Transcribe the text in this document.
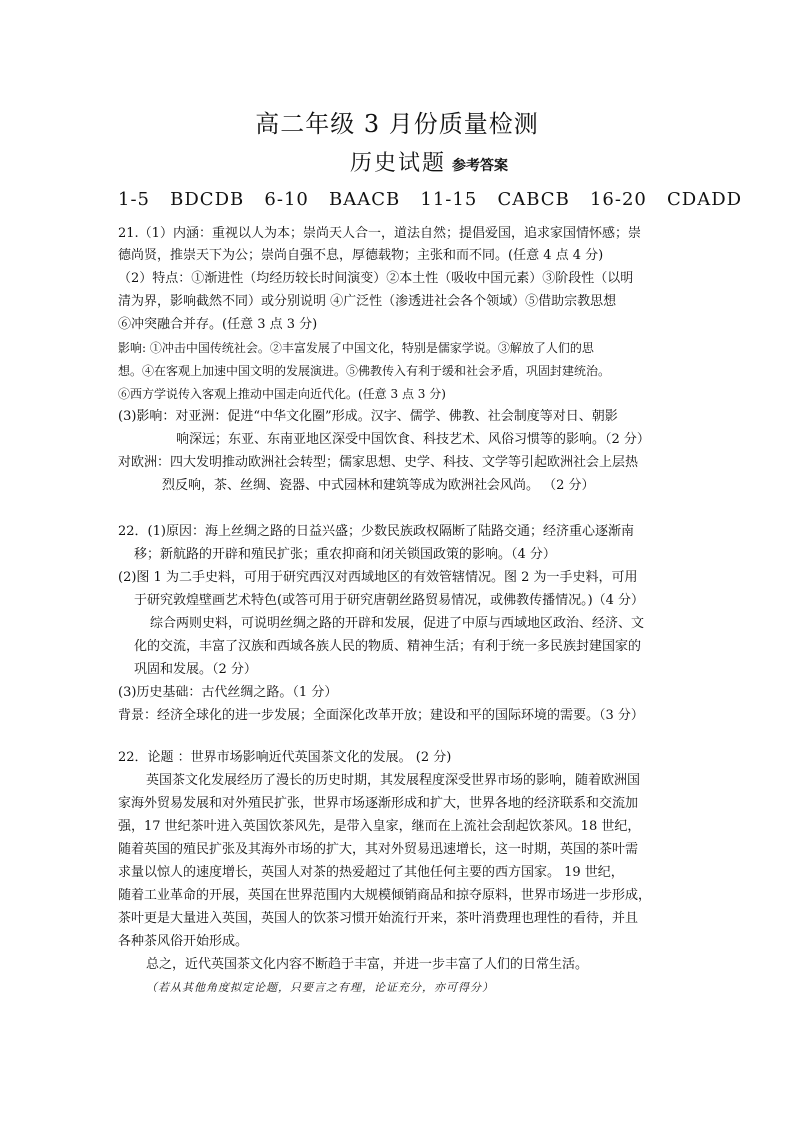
高二年级 3 月份质量检测
历史试题 参考答案
1-5   BDCDB   6-10   BAACB   11-15   CABCB   16-20   CDADD
21.（1）内涵：重视以人为本；崇尚天人合一，道法自然；提倡爱国，追求家国情怀感；崇
德尚贤，推崇天下为公；崇尚自强不息，厚德载物；主张和而不同。(任意 4 点 4 分)
（2）特点：①渐进性（均经历较长时间演变）②本土性（吸收中国元素）③阶段性（以明
清为界，影响截然不同）或分别说明 ④广泛性（渗透进社会各个领域）⑤借助宗教思想
⑥冲突融合并存。(任意 3 点 3 分)
影响: ①冲击中国传统社会。②丰富发展了中国文化，特别是儒家学说。③解放了人们的思
想。④在客观上加速中国文明的发展演进。⑤佛教传入有利于缓和社会矛盾，巩固封建统治。
⑥西方学说传入客观上推动中国走向近代化。(任意 3 点 3 分)
(3)影响：对亚洲：促进“中华文化圈”形成。汉字、儒学、佛教、社会制度等对日、朝影
响深远；东亚、东南亚地区深受中国饮食、科技艺术、风俗习惯等的影响。（2 分）
对欧洲：四大发明推动欧洲社会转型；儒家思想、史学、科技、文学等引起欧洲社会上层热
烈反响，茶、丝绸、瓷器、中式园林和建筑等成为欧洲社会风尚。 （2 分）
22．(1)原因：海上丝绸之路的日益兴盛；少数民族政权隔断了陆路交通；经济重心逐渐南
移；新航路的开辟和殖民扩张；重农抑商和闭关锁国政策的影响。（4 分）
(2)图 1 为二手史料，可用于研究西汉对西域地区的有效管辖情况。图 2 为一手史料，可用
于研究敦煌壁画艺术特色(或答可用于研究唐朝丝路贸易情况，或佛教传播情况。)（4 分）
综合两则史料，可说明丝绸之路的开辟和发展，促进了中原与西域地区政治、经济、文
化的交流，丰富了汉族和西域各族人民的物质、精神生活；有利于统一多民族封建国家的
巩固和发展。（2 分）
(3)历史基础：古代丝绸之路。（1 分）
背景：经济全球化的进一步发展；全面深化改革开放；建设和平的国际环境的需要。（3 分）
22．论题 ：世界市场影响近代英国茶文化的发展。 (2 分)
英国茶文化发展经历了漫长的历史时期，其发展程度深受世界市场的影响，随着欧洲国
家海外贸易发展和对外殖民扩张，世界市场逐渐形成和扩大，世界各地的经济联系和交流加
强，17 世纪茶叶进入英国饮茶风先，是带入皇家，继而在上流社会刮起饮茶风。18 世纪，
随着英国的殖民扩张及其海外市场的扩大，其对外贸易迅速增长，这一时期，英国的茶叶需
求量以惊人的速度增长，英国人对茶的热爱超过了其他任何主要的西方国家。 19 世纪，
随着工业革命的开展，英国在世界范围内大规模倾销商品和掠夺原料，世界市场进一步形成，
茶叶更是大量进入英国，英国人的饮茶习惯开始流行开来，茶叶消费理也理性的看待，并且
各种茶风俗开始形成。
总之，近代英国茶文化内容不断趋于丰富，并进一步丰富了人们的日常生活。
（若从其他角度拟定论题，只要言之有理，论证充分，亦可得分）
